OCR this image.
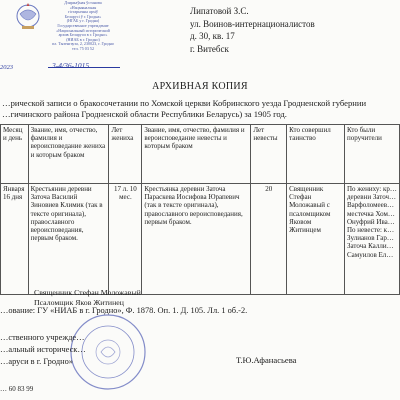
Дзяржаўная ўстанова
«Нацыянальны
гістарычны архіў
Беларусі ў г. Гродна»
(НГАБ у г. Гродна)
Государственное учреждение
«Национальный исторический
архив Беларуси в г. Гродно»
(НИАБ в г. Гродно)
пл. Тызенгауза, 2, 230023, г. Гродно
тел. 75 03 52
2023	3-4/36-1015
Липатовой З.С.
ул. Воинов-интернационалистов
д. 30, кв. 17
г. Витебск
АРХИВНАЯ КОПИЯ
…рической записи о бракосочетании по Хомской церкви Кобринского уезда Гродненской губернии
…гичинского района Гродненской области Республики Беларусь) за 1905 год.
Месяц и день	Звание, имя, отчество, фамилия и вероисповедание жениха и которым браком	Лет жениха	Звание, имя, отчество, фамилия и вероисповедание невесты и которым браком	Лет невесты	Кто совершил таинство	Кто были поручители
Января 16 дня	Крестьянин деревни Заточа Василий Зиновиев Климик (так в тексте оригинала), православного вероисповедания, первым браком.	17 л. 10 мес.	Крестьянка деревни Заточа Параскева Иосифова Юрапевич (так в тексте оригинала), православного вероисповедания, первым браком.	20	Священник Стефан Моложавый с псаломщиком Яковом Житинцем	По жениху: кр… деревни Заточ… Варфоломеев… местечка Хом… Онуфрий Ива… По невесте: к… Зулианов Гар… Заточа Калли… Самуилов Ел…
Священник Стефан Моложавый
Псаломщик Яков Житинец
…ование: ГУ «НИАБ в г. Гродно», Ф. 1878. Оп. 1. Д. 105. Лл. 1 об.-2.
…ственного учрежде…
…альный историческ…
…аруси в г. Гродно»	Т.Ю.Афанасьева
… 60 83 99
